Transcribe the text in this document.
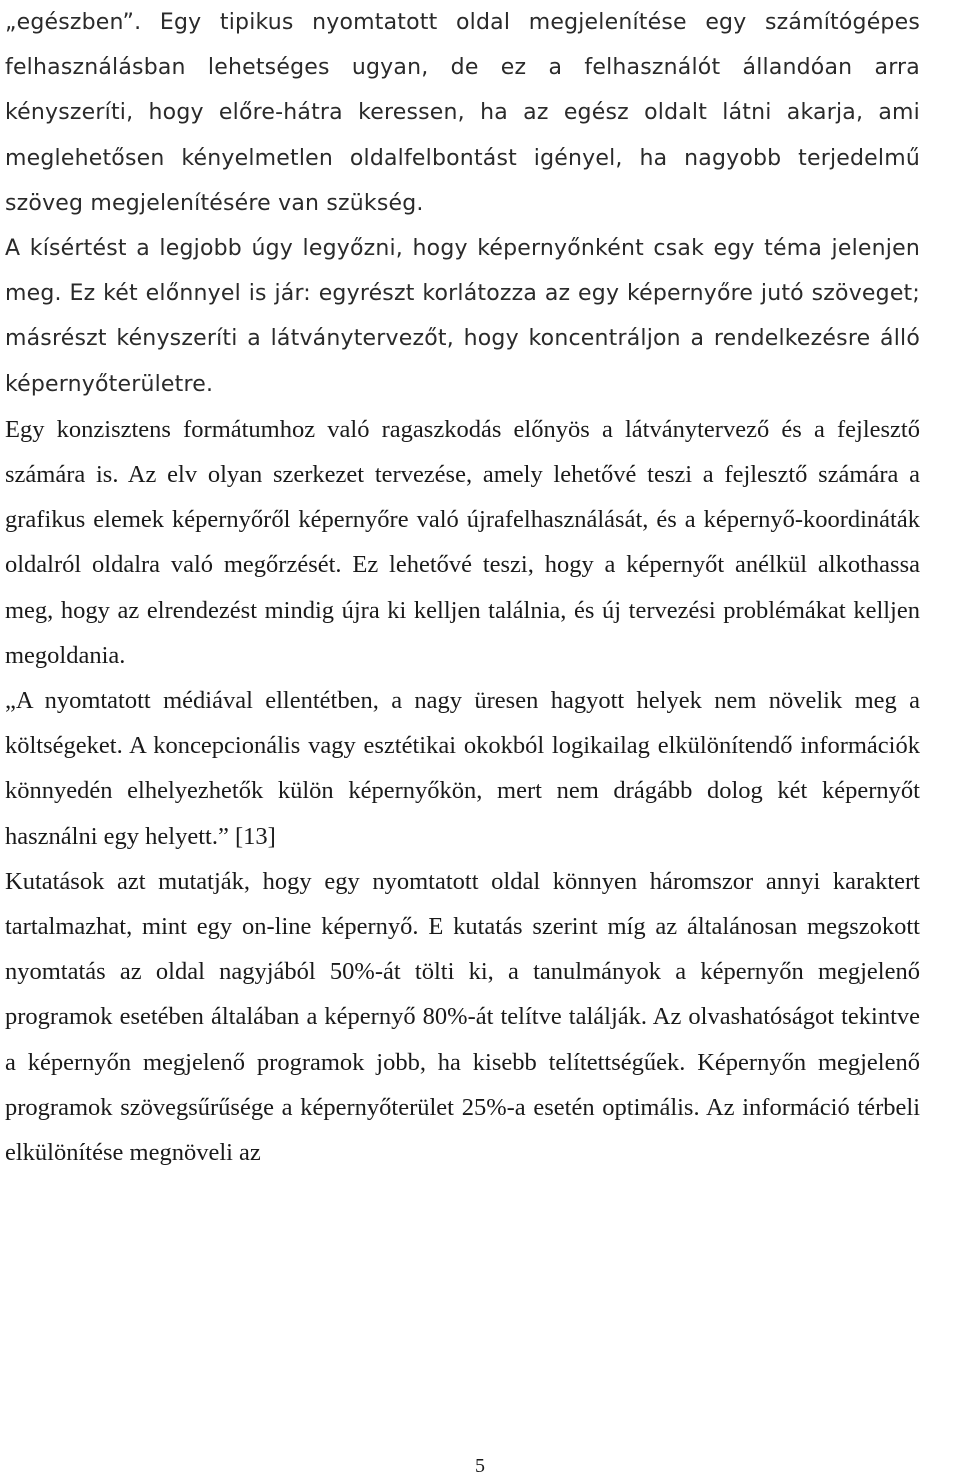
„egészben”. Egy tipikus nyomtatott oldal megjelenítése egy számítógépes felhasználásban lehetséges ugyan, de ez a felhasználót állandóan arra kényszeríti, hogy előre-hátra keressen, ha az egész oldalt látni akarja, ami meglehetősen kényelmetlen oldalfelbontást igényel, ha nagyobb terjedelmű szöveg megjelenítésére van szükség.

A kísértést a legjobb úgy legyőzni, hogy képernyőnként csak egy téma jelenjen meg. Ez két előnnyel is jár: egyrészt korlátozza az egy képernyőre jutó szöveget; másrészt kényszeríti a látványtervezőt, hogy koncentráljon a rendelkezésre álló képernyőterületre.

Egy konzisztens formátumhoz való ragaszkodás előnyös a látványtervező és a fejlesztő számára is. Az elv olyan szerkezet tervezése, amely lehetővé teszi a fejlesztő számára a grafikus elemek képernyőről képernyőre való újrafelhasználását, és a képernyő-koordináták oldalról oldalra való megőrzését. Ez lehetővé teszi, hogy a képernyőt anélkül alkothassa meg, hogy az elrendezést mindig újra ki kelljen találnia, és új tervezési problémákat kelljen megoldania.

„A nyomtatott médiával ellentétben, a nagy üresen hagyott helyek nem növelik meg a költségeket. A koncepcionális vagy esztétikai okokból logikailag elkülönítendő információk könnyedén elhelyezhetők külön képernyőkön, mert nem drágább dolog két képernyőt használni egy helyett.” [13]

Kutatások azt mutatják, hogy egy nyomtatott oldal könnyen háromszor annyi karaktert tartalmazhat, mint egy on-line képernyő. E kutatás szerint míg az általánosan megszokott nyomtatás az oldal nagyjából 50%-át tölti ki, a tanulmányok a képernyőn megjelenő programok esetében általában a képernyő 80%-át telítve találják. Az olvashatóságot tekintve a képernyőn megjelenő programok jobb, ha kisebb telítettségűek. Képernyőn megjelenő programok szövegsűrűsége a képernyőterület 25%-a esetén optimális. Az információ térbeli elkülönítése megnöveli az

5
